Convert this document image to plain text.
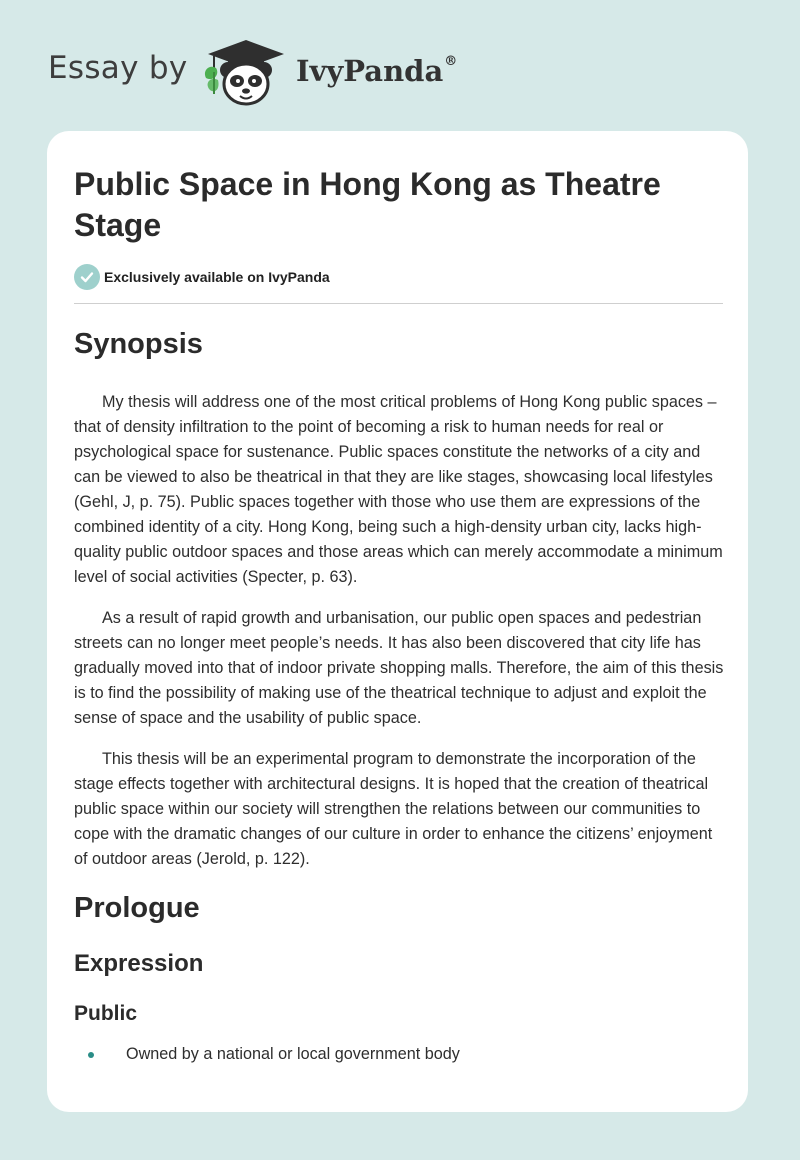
Essay by	IvyPanda®
Public Space in Hong Kong as Theatre Stage
Exclusively available on IvyPanda
Synopsis

My thesis will address one of the most critical problems of Hong Kong public spaces – that of density infiltration to the point of becoming a risk to human needs for real or psychological space for sustenance. Public spaces constitute the networks of a city and can be viewed to also be theatrical in that they are like stages, showcasing local lifestyles (Gehl, J, p. 75). Public spaces together with those who use them are expressions of the combined identity of a city. Hong Kong, being such a high-density urban city, lacks high-quality public outdoor spaces and those areas which can merely accommodate a minimum level of social activities (Specter, p. 63).

As a result of rapid growth and urbanisation, our public open spaces and pedestrian streets can no longer meet people’s needs. It has also been discovered that city life has gradually moved into that of indoor private shopping malls. Therefore, the aim of this thesis is to find the possibility of making use of the theatrical technique to adjust and exploit the sense of space and the usability of public space.

This thesis will be an experimental program to demonstrate the incorporation of the stage effects together with architectural designs. It is hoped that the creation of theatrical public space within our society will strengthen the relations between our communities to cope with the dramatic changes of our culture in order to enhance the citizens’ enjoyment of outdoor areas (Jerold, p. 122).

Prologue
Expression
Public
Owned by a national or local government body
